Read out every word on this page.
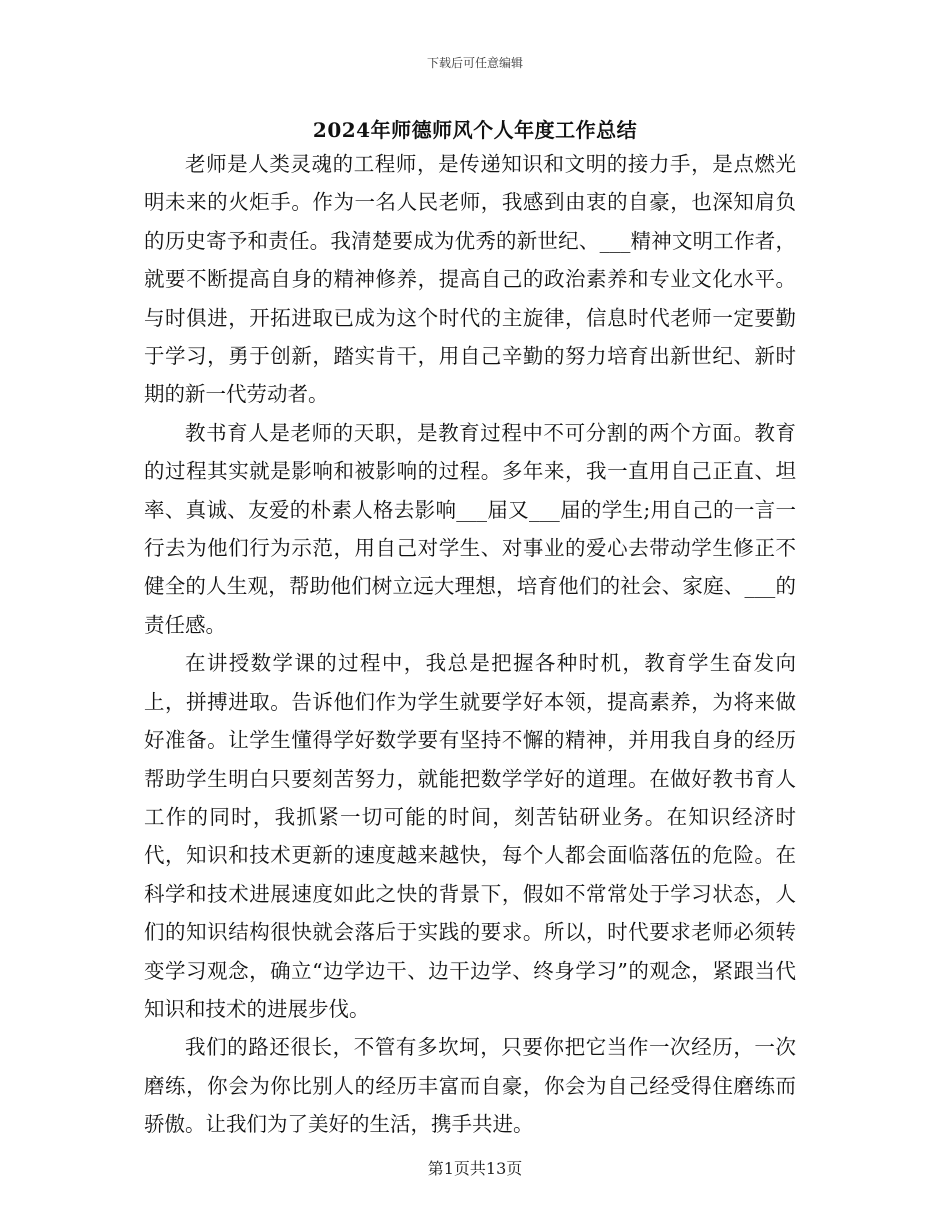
下载后可任意编辑
2024年师德师风个人年度工作总结

老师是人类灵魂的工程师，是传递知识和文明的接力手，是点燃光明未来的火炬手。作为一名人民老师，我感到由衷的自豪，也深知肩负的历史寄予和责任。我清楚要成为优秀的新世纪、___精神文明工作者，就要不断提高自身的精神修养，提高自己的政治素养和专业文化水平。与时俱进，开拓进取已成为这个时代的主旋律，信息时代老师一定要勤于学习，勇于创新，踏实肯干，用自己辛勤的努力培育出新世纪、新时期的新一代劳动者。

教书育人是老师的天职，是教育过程中不可分割的两个方面。教育的过程其实就是影响和被影响的过程。多年来，我一直用自己正直、坦率、真诚、友爱的朴素人格去影响___届又___届的学生;用自己的一言一行去为他们行为示范，用自己对学生、对事业的爱心去带动学生修正不健全的人生观，帮助他们树立远大理想，培育他们的社会、家庭、___的责任感。

在讲授数学课的过程中，我总是把握各种时机，教育学生奋发向上，拼搏进取。告诉他们作为学生就要学好本领，提高素养，为将来做好准备。让学生懂得学好数学要有坚持不懈的精神，并用我自身的经历帮助学生明白只要刻苦努力，就能把数学学好的道理。在做好教书育人工作的同时，我抓紧一切可能的时间，刻苦钻研业务。在知识经济时代，知识和技术更新的速度越来越快，每个人都会面临落伍的危险。在科学和技术进展速度如此之快的背景下，假如不常常处于学习状态，人们的知识结构很快就会落后于实践的要求。所以，时代要求老师必须转变学习观念，确立“边学边干、边干边学、终身学习”的观念，紧跟当代知识和技术的进展步伐。

我们的路还很长，不管有多坎坷，只要你把它当作一次经历，一次磨练，你会为你比别人的经历丰富而自豪，你会为自己经受得住磨练而骄傲。让我们为了美好的生活，携手共进。

第1页共13页
